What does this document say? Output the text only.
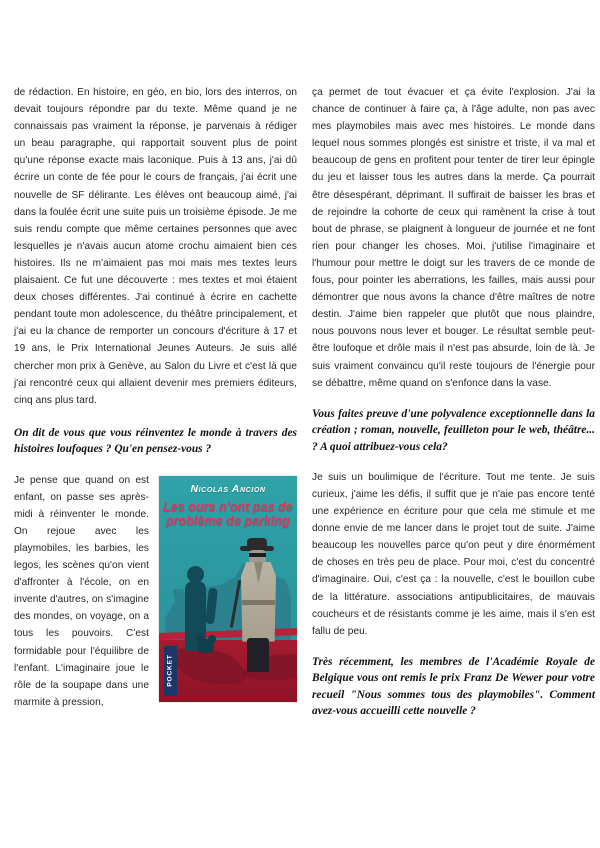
de rédaction. En histoire, en géo, en bio, lors des interros, on devait toujours répondre par du texte. Même quand je ne connaissais pas vraiment la réponse, je parvenais à rédiger un beau paragraphe, qui rapportait souvent plus de point qu'une réponse exacte mais laconique. Puis à 13 ans, j'ai dû écrire un conte de fée pour le cours de français, j'ai écrit une nouvelle de SF délirante. Les élèves ont beaucoup aimé, j'ai dans la foulée écrit une suite puis un troisième épisode. Je me suis rendu compte que même certaines personnes que avec lesquelles je n'avais aucun atome crochu aimaient bien ces histoires. Ils ne m'aimaient pas moi mais mes textes leurs plaisaient. Ce fut une découverte : mes textes et moi étaient deux choses différentes. J'ai continué à écrire en cachette pendant toute mon adolescence, du théâtre principalement, et j'ai eu la chance de remporter un concours d'écriture à 17 et 19 ans, le Prix International Jeunes Auteurs. Je suis allé chercher mon prix à Genève, au Salon du Livre et c'est là que j'ai rencontré ceux qui allaient devenir mes premiers éditeurs, cinq ans plus tard.

On dit de vous que vous réinventez le monde à travers des histoires loufoques ? Qu'en pensez-vous ?
Nicolas Ancion
Les ours n'ont pas de problème de parking
POCKET

Je pense que quand on est enfant, on passe ses après-midi à réinventer le monde. On rejoue avec les playmobiles, les barbies, les legos, les scènes qu'on vient d'affronter à l'école, on en invente d'autres, on s'imagine des mondes, on voyage, on a tous les pouvoirs. C'est formidable pour l'équilibre de l'enfant. L'imaginaire joue le rôle de la soupape dans une marmite à pression,

ça permet de tout évacuer et ça évite l'explosion. J'ai la chance de continuer à faire ça, à l'âge adulte, non pas avec mes playmobiles mais avec mes histoires. Le monde dans lequel nous sommes plongés est sinistre et triste, il va mal et beaucoup de gens en profitent pour tenter de tirer leur épingle du jeu et laisser tous les autres dans la merde. Ça pourrait être désespérant, déprimant. Il suffirait de baisser les bras et de rejoindre la cohorte de ceux qui ramènent la crise à tout bout de phrase, se plaignent à longueur de journée et ne font rien pour changer les choses. Moi, j'utilise l'imaginaire et l'humour pour mettre le doigt sur les travers de ce monde de fous, pour pointer les aberrations, les failles, mais aussi pour démontrer que nous avons la chance d'être maîtres de notre destin. J'aime bien rappeler que plutôt que nous plaindre, nous pouvons nous lever et bouger. Le résultat semble peut-être loufoque et drôle mais il n'est pas absurde, loin de là. Je suis vraiment convaincu qu'il reste toujours de l'énergie pour se débattre, même quand on s'enfonce dans la vase.

Vous faites preuve d'une polyvalence exceptionnelle dans la création ; roman, nouvelle, feuilleton pour le web, théâtre... ? A quoi attribuez-vous cela?

Je suis un boulimique de l'écriture. Tout me tente. Je suis curieux, j'aime les défis, il suffit que je n'aie pas encore tenté une expérience en écriture pour que cela me stimule et me donne envie de me lancer dans le projet tout de suite. J'aime beaucoup les nouvelles parce qu'on peut y dire énormément de choses en très peu de place. Pour moi, c'est du concentré d'imaginaire. Oui, c'est ça : la nouvelle, c'est le bouillon cube de la littérature. associations antipublicitaires, de mauvais coucheurs et de résistants comme je les aime, mais il s'en est fallu de peu.

Très récemment, les membres de l'Académie Royale de Belgique vous ont remis le prix Franz De Wewer pour votre recueil "Nous sommes tous des playmobiles". Comment avez-vous accueilli cette nouvelle ?
